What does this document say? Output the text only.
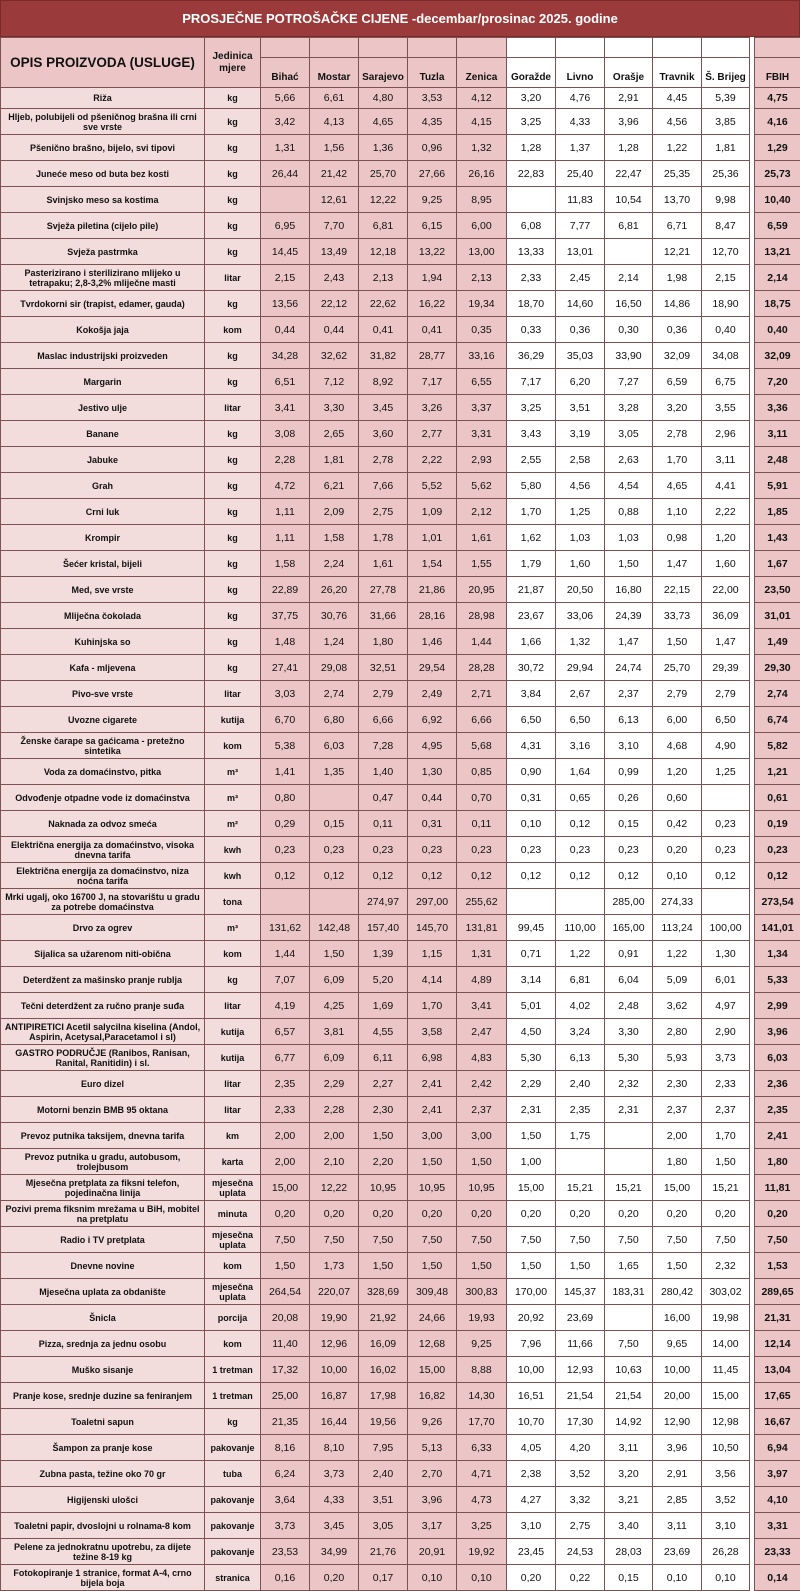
PROSJEČNE POTROŠAČKE CIJENE -decembar/prosinac 2025. godine
OPIS PROIZVODA (USLUGE)	Jedinica mjere												
		Bihać	Mostar	Sarajevo	Tuzla	Zenica	Goražde	Livno	Orašje	Travnik	Š. Brijeg		FBIH
Riža	kg	5,66	6,61	4,80	3,53	4,12	3,20	4,76	2,91	4,45	5,39		4,75
Hljeb, polubijeli od pšeničnog brašna ili crni sve vrste	kg	3,42	4,13	4,65	4,35	4,15	3,25	4,33	3,96	4,56	3,85		4,16
Pšenično brašno, bijelo, svi tipovi	kg	1,31	1,56	1,36	0,96	1,32	1,28	1,37	1,28	1,22	1,81		1,29
Juneće meso od buta bez kosti	kg	26,44	21,42	25,70	27,66	26,16	22,83	25,40	22,47	25,35	25,36		25,73
Svinjsko meso sa kostima	kg		12,61	12,22	9,25	8,95		11,83	10,54	13,70	9,98		10,40
Svježa piletina (cijelo pile)	kg	6,95	7,70	6,81	6,15	6,00	6,08	7,77	6,81	6,71	8,47		6,59
Svježa pastrmka	kg	14,45	13,49	12,18	13,22	13,00	13,33	13,01		12,21	12,70		13,21
Pasterizirano i sterilizirano mlijeko u tetrapaku; 2,8-3,2% mliječne masti	litar	2,15	2,43	2,13	1,94	2,13	2,33	2,45	2,14	1,98	2,15		2,14
Tvrdokorni sir (trapist, edamer, gauda)	kg	13,56	22,12	22,62	16,22	19,34	18,70	14,60	16,50	14,86	18,90		18,75
Kokošja jaja	kom	0,44	0,44	0,41	0,41	0,35	0,33	0,36	0,30	0,36	0,40		0,40
Maslac industrijski proizveden	kg	34,28	32,62	31,82	28,77	33,16	36,29	35,03	33,90	32,09	34,08		32,09
Margarin	kg	6,51	7,12	8,92	7,17	6,55	7,17	6,20	7,27	6,59	6,75		7,20
Jestivo ulje	litar	3,41	3,30	3,45	3,26	3,37	3,25	3,51	3,28	3,20	3,55		3,36
Banane	kg	3,08	2,65	3,60	2,77	3,31	3,43	3,19	3,05	2,78	2,96		3,11
Jabuke	kg	2,28	1,81	2,78	2,22	2,93	2,55	2,58	2,63	1,70	3,11		2,48
Grah	kg	4,72	6,21	7,66	5,52	5,62	5,80	4,56	4,54	4,65	4,41		5,91
Crni luk	kg	1,11	2,09	2,75	1,09	2,12	1,70	1,25	0,88	1,10	2,22		1,85
Krompir	kg	1,11	1,58	1,78	1,01	1,61	1,62	1,03	1,03	0,98	1,20		1,43
Šećer kristal, bijeli	kg	1,58	2,24	1,61	1,54	1,55	1,79	1,60	1,50	1,47	1,60		1,67
Med, sve vrste	kg	22,89	26,20	27,78	21,86	20,95	21,87	20,50	16,80	22,15	22,00		23,50
Mliječna čokolada	kg	37,75	30,76	31,66	28,16	28,98	23,67	33,06	24,39	33,73	36,09		31,01
Kuhinjska so	kg	1,48	1,24	1,80	1,46	1,44	1,66	1,32	1,47	1,50	1,47		1,49
Kafa - mljevena	kg	27,41	29,08	32,51	29,54	28,28	30,72	29,94	24,74	25,70	29,39		29,30
Pivo-sve vrste	litar	3,03	2,74	2,79	2,49	2,71	3,84	2,67	2,37	2,79	2,79		2,74
Uvozne cigarete	kutija	6,70	6,80	6,66	6,92	6,66	6,50	6,50	6,13	6,00	6,50		6,74
Ženske čarape sa gaćicama - pretežno sintetika	kom	5,38	6,03	7,28	4,95	5,68	4,31	3,16	3,10	4,68	4,90		5,82
Voda za domaćinstvo, pitka	m³	1,41	1,35	1,40	1,30	0,85	0,90	1,64	0,99	1,20	1,25		1,21
Odvođenje otpadne vode iz domaćinstva	m³	0,80		0,47	0,44	0,70	0,31	0,65	0,26	0,60			0,61
Naknada za odvoz smeća	m²	0,29	0,15	0,11	0,31	0,11	0,10	0,12	0,15	0,42	0,23		0,19
Električna energija za domaćinstvo, visoka dnevna tarifa	kwh	0,23	0,23	0,23	0,23	0,23	0,23	0,23	0,23	0,20	0,23		0,23
Električna energija za domaćinstvo, niza noćna tarifa	kwh	0,12	0,12	0,12	0,12	0,12	0,12	0,12	0,12	0,10	0,12		0,12
Mrki ugalj, oko 16700 J, na stovarištu u gradu za potrebe domaćinstva	tona			274,97	297,00	255,62			285,00	274,33			273,54
Drvo za ogrev	m³	131,62	142,48	157,40	145,70	131,81	99,45	110,00	165,00	113,24	100,00		141,01
Sijalica sa užarenom niti-obična	kom	1,44	1,50	1,39	1,15	1,31	0,71	1,22	0,91	1,22	1,30		1,34
Deterdžent za mašinsko pranje rublja	kg	7,07	6,09	5,20	4,14	4,89	3,14	6,81	6,04	5,09	6,01		5,33
Tečni deterdžent za ručno pranje suđa	litar	4,19	4,25	1,69	1,70	3,41	5,01	4,02	2,48	3,62	4,97		2,99
ANTIPIRETICI Acetil salycilna kiselina (Andol, Aspirin, Acetysal,Paracetamol i sl)	kutija	6,57	3,81	4,55	3,58	2,47	4,50	3,24	3,30	2,80	2,90		3,96
GASTRO PODRUČJE (Ranibos, Ranisan, Ranital, Ranitidin) i sl.	kutija	6,77	6,09	6,11	6,98	4,83	5,30	6,13	5,30	5,93	3,73		6,03
Euro dizel	litar	2,35	2,29	2,27	2,41	2,42	2,29	2,40	2,32	2,30	2,33		2,36
Motorni benzin BMB 95 oktana	litar	2,33	2,28	2,30	2,41	2,37	2,31	2,35	2,31	2,37	2,37		2,35
Prevoz putnika taksijem, dnevna tarifa	km	2,00	2,00	1,50	3,00	3,00	1,50	1,75		2,00	1,70		2,41
Prevoz putnika u gradu, autobusom, trolejbusom	karta	2,00	2,10	2,20	1,50	1,50	1,00			1,80	1,50		1,80
Mjesečna pretplata za fiksni telefon, pojedinačna linija	mjesečna uplata	15,00	12,22	10,95	10,95	10,95	15,00	15,21	15,21	15,00	15,21		11,81
Pozivi prema fiksnim mrežama u BiH, mobitel na pretplatu	minuta	0,20	0,20	0,20	0,20	0,20	0,20	0,20	0,20	0,20	0,20		0,20
Radio i TV pretplata	mjesečna uplata	7,50	7,50	7,50	7,50	7,50	7,50	7,50	7,50	7,50	7,50		7,50
Dnevne novine	kom	1,50	1,73	1,50	1,50	1,50	1,50	1,50	1,65	1,50	2,32		1,53
Mjesečna uplata za obdanište	mjesečna uplata	264,54	220,07	328,69	309,48	300,83	170,00	145,37	183,31	280,42	303,02		289,65
Šnicla	porcija	20,08	19,90	21,92	24,66	19,93	20,92	23,69		16,00	19,98		21,31
Pizza, srednja za jednu osobu	kom	11,40	12,96	16,09	12,68	9,25	7,96	11,66	7,50	9,65	14,00		12,14
Muško sisanje	1 tretman	17,32	10,00	16,02	15,00	8,88	10,00	12,93	10,63	10,00	11,45		13,04
Pranje kose, srednje duzine sa feniranjem	1 tretman	25,00	16,87	17,98	16,82	14,30	16,51	21,54	21,54	20,00	15,00		17,65
Toaletni sapun	kg	21,35	16,44	19,56	9,26	17,70	10,70	17,30	14,92	12,90	12,98		16,67
Šampon za pranje kose	pakovanje	8,16	8,10	7,95	5,13	6,33	4,05	4,20	3,11	3,96	10,50		6,94
Zubna pasta, težine oko 70 gr	tuba	6,24	3,73	2,40	2,70	4,71	2,38	3,52	3,20	2,91	3,56		3,97
Higijenski ulošci	pakovanje	3,64	4,33	3,51	3,96	4,73	4,27	3,32	3,21	2,85	3,52		4,10
Toaletni papir, dvoslojni u rolnama-8 kom	pakovanje	3,73	3,45	3,05	3,17	3,25	3,10	2,75	3,40	3,11	3,10		3,31
Pelene za jednokratnu upotrebu, za dijete težine 8-19 kg	pakovanje	23,53	34,99	21,76	20,91	19,92	23,45	24,53	28,03	23,69	26,28		23,33
Fotokopiranje 1 stranice, format A-4, crno bijela boja	stranica	0,16	0,20	0,17	0,10	0,10	0,20	0,22	0,15	0,10	0,10		0,14
